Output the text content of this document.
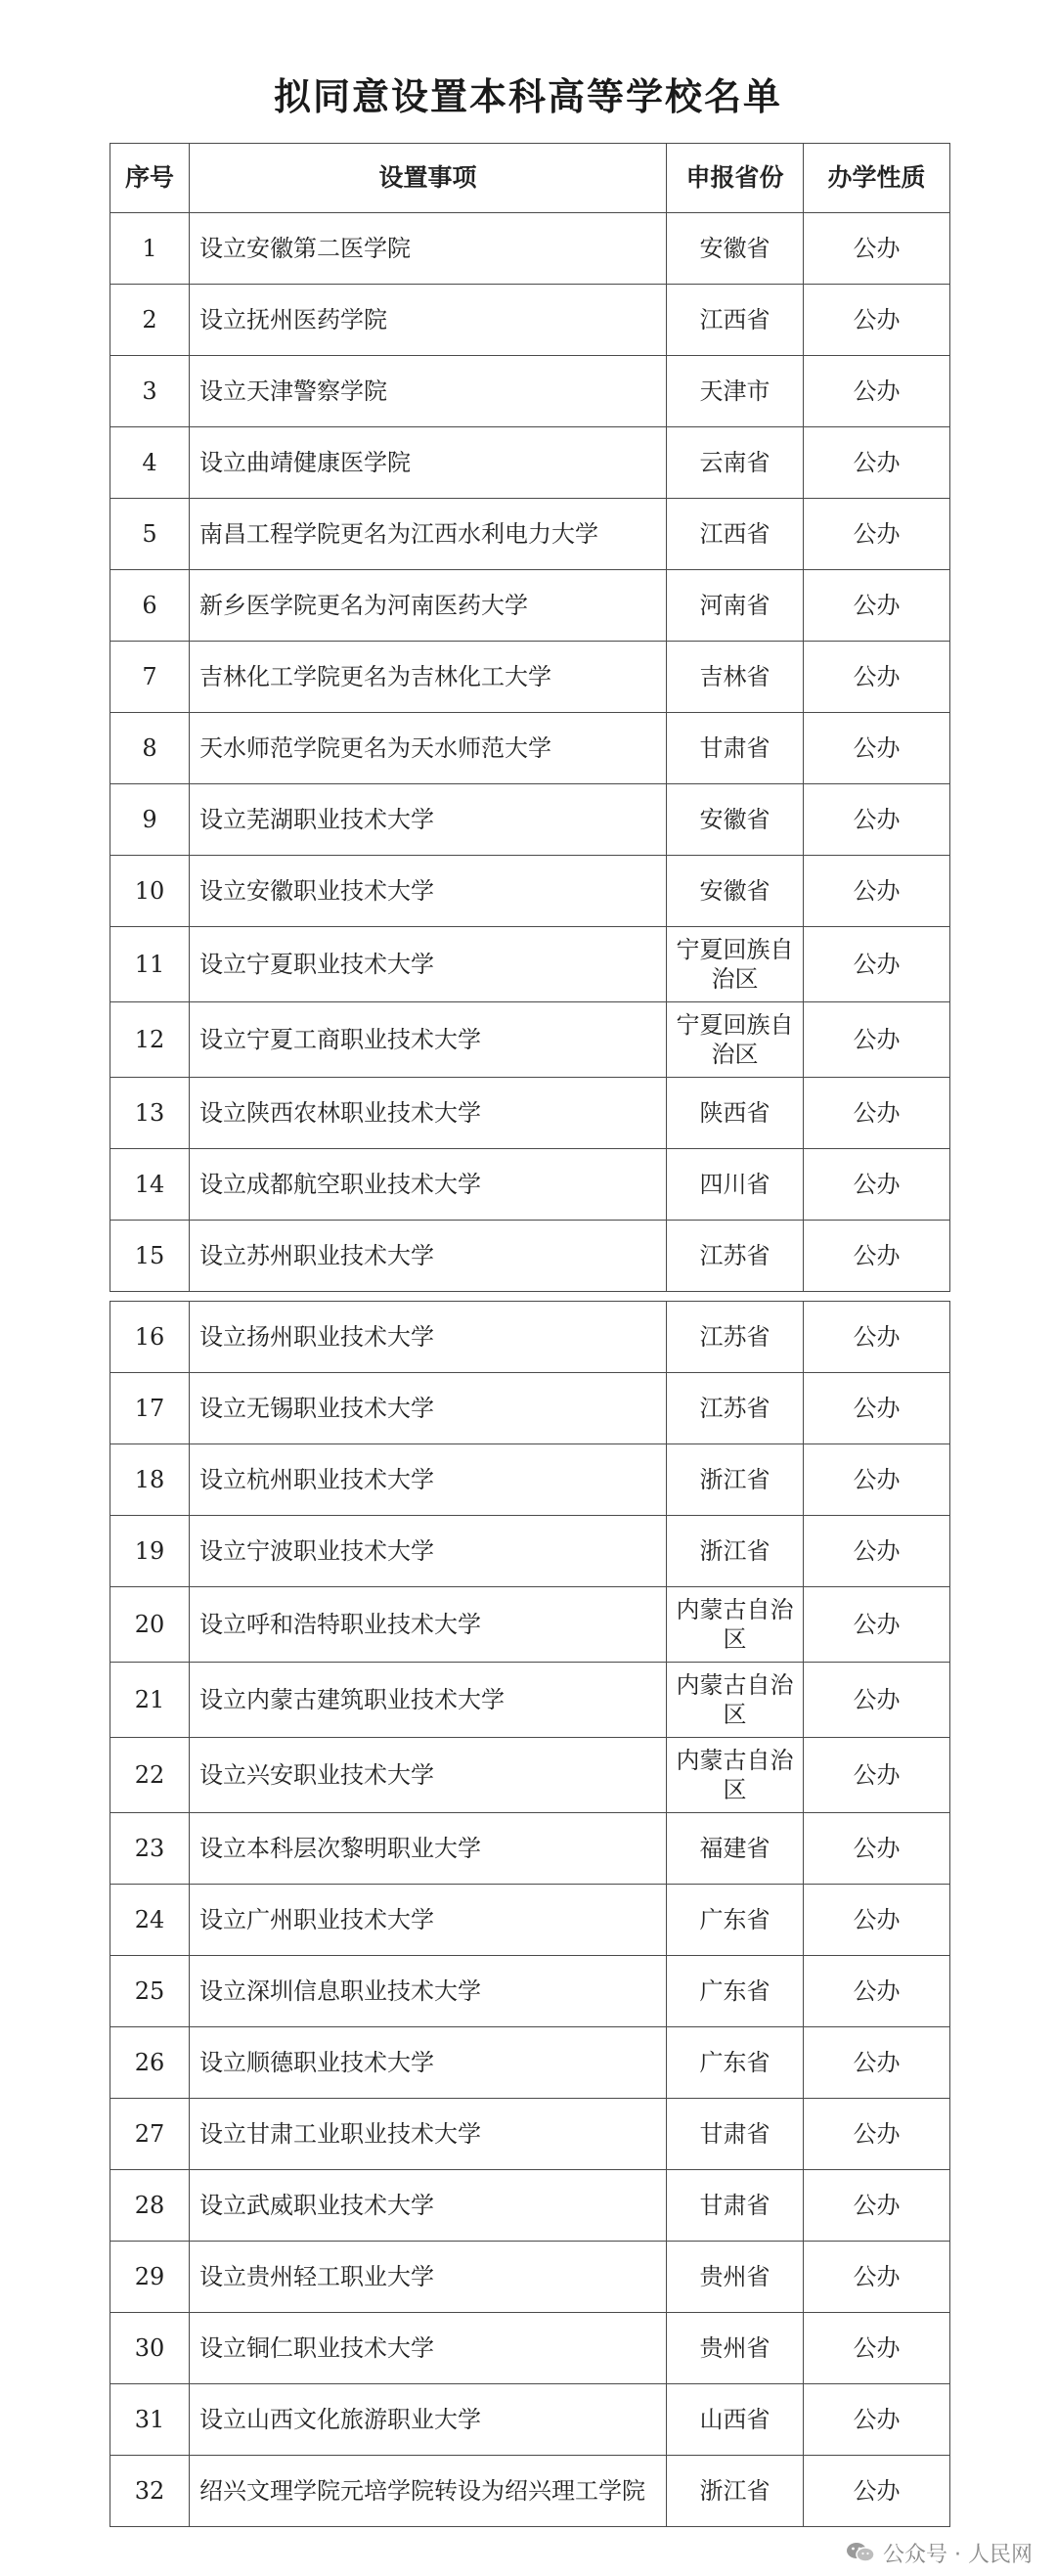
拟同意设置本科高等学校名单
序号	设置事项	申报省份	办学性质
1	设立安徽第二医学院	安徽省	公办
2	设立抚州医药学院	江西省	公办
3	设立天津警察学院	天津市	公办
4	设立曲靖健康医学院	云南省	公办
5	南昌工程学院更名为江西水利电力大学	江西省	公办
6	新乡医学院更名为河南医药大学	河南省	公办
7	吉林化工学院更名为吉林化工大学	吉林省	公办
8	天水师范学院更名为天水师范大学	甘肃省	公办
9	设立芜湖职业技术大学	安徽省	公办
10	设立安徽职业技术大学	安徽省	公办
11	设立宁夏职业技术大学	宁夏回族自治区	公办
12	设立宁夏工商职业技术大学	宁夏回族自治区	公办
13	设立陕西农林职业技术大学	陕西省	公办
14	设立成都航空职业技术大学	四川省	公办
15	设立苏州职业技术大学	江苏省	公办
16	设立扬州职业技术大学	江苏省	公办
17	设立无锡职业技术大学	江苏省	公办
18	设立杭州职业技术大学	浙江省	公办
19	设立宁波职业技术大学	浙江省	公办
20	设立呼和浩特职业技术大学	内蒙古自治区	公办
21	设立内蒙古建筑职业技术大学	内蒙古自治区	公办
22	设立兴安职业技术大学	内蒙古自治区	公办
23	设立本科层次黎明职业大学	福建省	公办
24	设立广州职业技术大学	广东省	公办
25	设立深圳信息职业技术大学	广东省	公办
26	设立顺德职业技术大学	广东省	公办
27	设立甘肃工业职业技术大学	甘肃省	公办
28	设立武威职业技术大学	甘肃省	公办
29	设立贵州轻工职业大学	贵州省	公办
30	设立铜仁职业技术大学	贵州省	公办
31	设立山西文化旅游职业大学	山西省	公办
32	绍兴文理学院元培学院转设为绍兴理工学院	浙江省	公办
公众号 · 人民网
